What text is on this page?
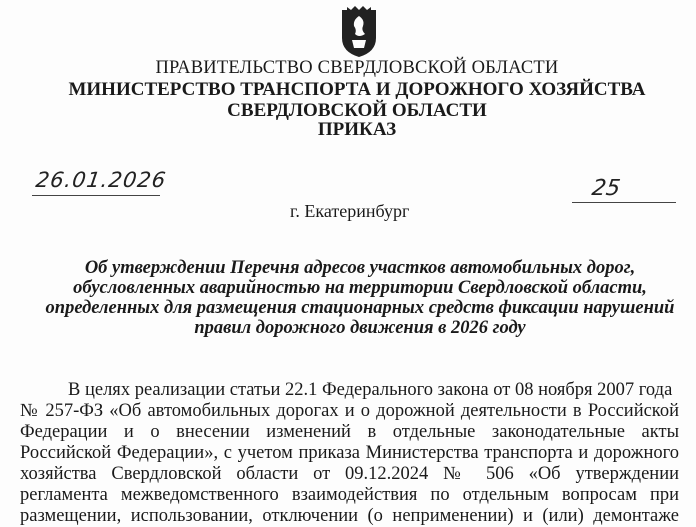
ПРАВИТЕЛЬСТВО СВЕРДЛОВСКОЙ ОБЛАСТИ
МИНИСТЕРСТВО ТРАНСПОРТА И ДОРОЖНОГО ХОЗЯЙСТВА
СВЕРДЛОВСКОЙ ОБЛАСТИ
ПРИКАЗ
26.01.2026	25
г. Екатеринбург
Об утверждении Перечня адресов участков автомобильных дорог,
обусловленных аварийностью на территории Свердловской области,
определенных для размещения стационарных средств фиксации нарушений
правил дорожного движения в 2026 году
В целях реализации статьи 22.1 Федерального закона от 08 ноября 2007 года
№ 257-ФЗ «Об автомобильных дорогах и о дорожной деятельности в Российской
Федерации и о внесении изменений в отдельные законодательные акты
Российской Федерации», с учетом приказа Министерства транспорта и дорожного
хозяйства Свердловской области от 09.12.2024 № 506 «Об утверждении
регламента межведомственного взаимодействия по отдельным вопросам при
размещении, использовании, отключении (о неприменении) и (или) демонтаже
